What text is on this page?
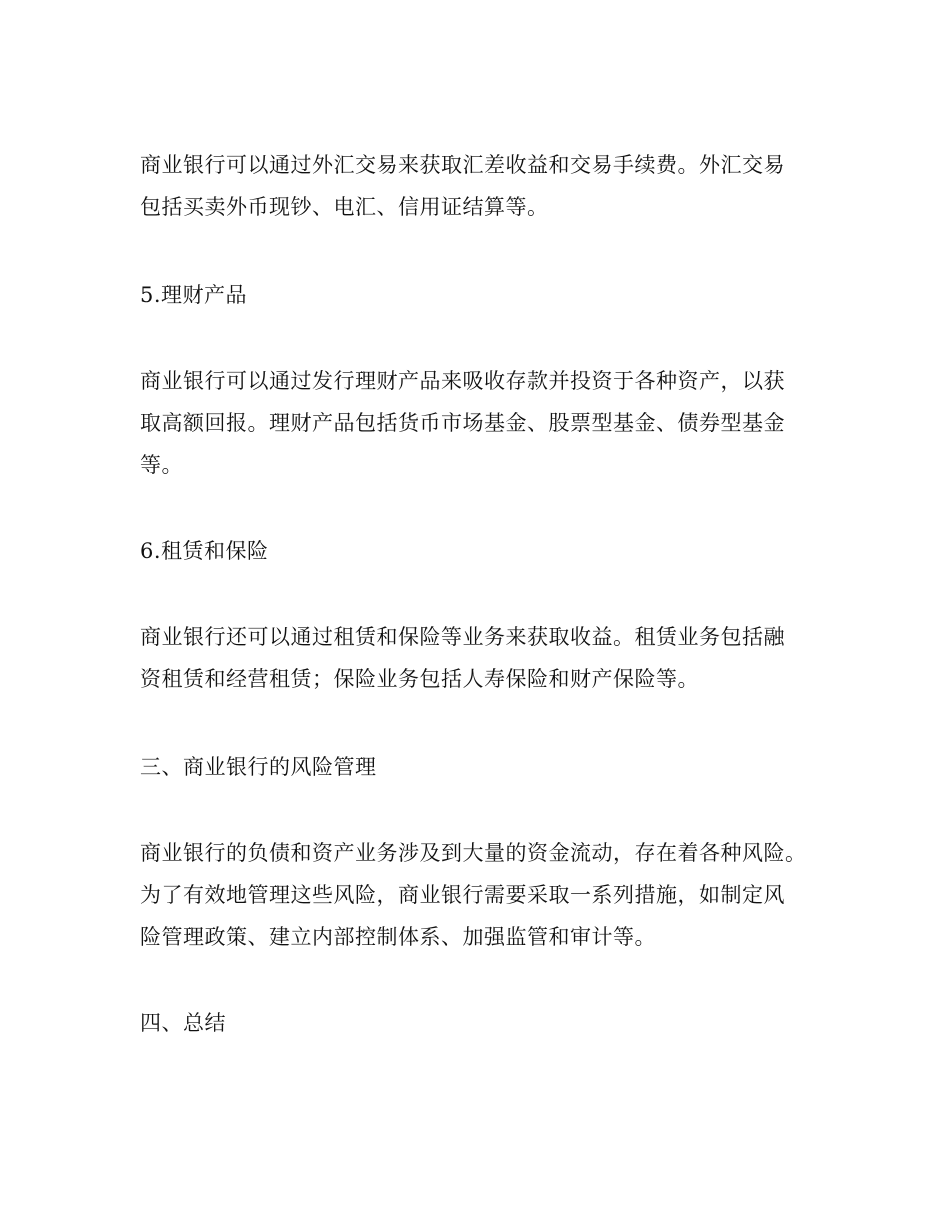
商业银行可以通过外汇交易来获取汇差收益和交易手续费。外汇交易
包括买卖外币现钞、电汇、信用证结算等。
5.理财产品
商业银行可以通过发行理财产品来吸收存款并投资于各种资产，以获
取高额回报。理财产品包括货币市场基金、股票型基金、债券型基金
等。
6.租赁和保险
商业银行还可以通过租赁和保险等业务来获取收益。租赁业务包括融
资租赁和经营租赁；保险业务包括人寿保险和财产保险等。
三、商业银行的风险管理
商业银行的负债和资产业务涉及到大量的资金流动，存在着各种风险。
为了有效地管理这些风险，商业银行需要采取一系列措施，如制定风
险管理政策、建立内部控制体系、加强监管和审计等。
四、总结
